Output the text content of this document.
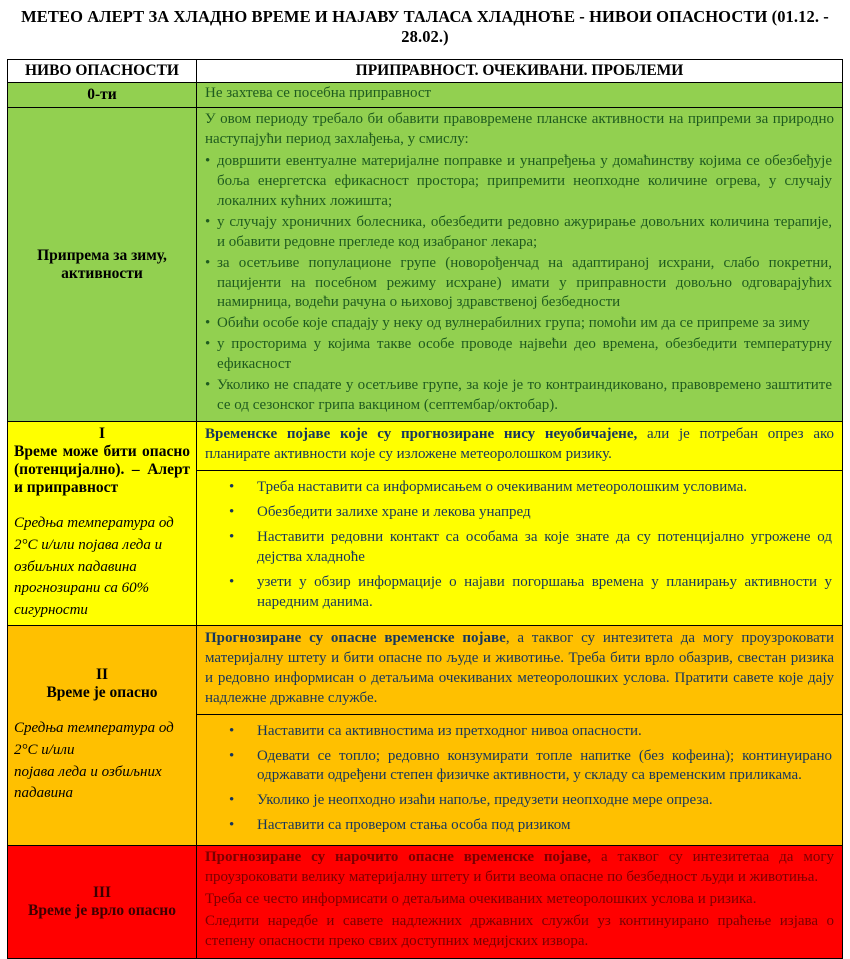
МЕТЕО АЛЕРТ ЗА ХЛАДНО ВРЕМЕ И НАЈАВУ ТАЛАСА ХЛАДНОЋЕ - НИВОИ ОПАСНОСТИ (01.12. - 28.02.)
НИВО ОПАСНОСТИ	ПРИПРАВНОСТ. ОЧЕКИВАНИ. ПРОБЛЕМИ
0-ти	Не захтева се посебна приправност
Припрема за зиму,
активности

У овом периоду требало би обавити правовремене планске активности на припреми за природно наступајући период захлађења, у смислу:

• довршити евентуалне материјалне поправке и унапређења у домаћинству којима се обезбеђује боља енергетска ефикасност простора; припремити неопходне количине огрева, у случају локалних кућних ложишта;
• у случају хроничних болесника, обезбедити редовно ажурирање довољних количина терапије, и обавити редовне прегледе код изабраног лекара;
• за осетљиве популационе групе (новорођенчад на адаптираној исхрани, слабо покретни, пацијенти на посебном режиму исхране) имати у приправности довољно одговарајућих намирница, водећи рачуна о њиховој здравственој безбедности
• Обићи особе које спадају у неку од вулнерабилних група; помоћи им да се припреме за зиму
• у просторима у којима такве особе проводе највећи део времена, обезбедити температурну ефикасност
• Уколико не спадате у осетљиве групе, за које је то контраиндиковано, правовремено заштитите се од сезонског грипа вакцином (септембар/октобар).
I
Време може бити опасно (потенцијално). – Алерт и приправност
Средња температура од 2°C и/или појава леда и озбиљних падавина прогнозирани са 60% сигурности
Временске појаве које су прогнозиране нису неуобичајене, али је потребан опрез ако планирате активности које су изложене метеоролошком ризику.
• Треба наставити са информисањем о очекиваним метеоролошким условима.
• Обезбедити залихе хране и лекова унапред
• Наставити редовни контакт са особама за које знате да су потенцијално угрожене од дејства хладноће
• узети у обзир информације о најави погоршања времена у планирању активности у наредним данима.
II
Време је опасно
Средња температура од 2°C и/или
појава леда и озбиљних падавина
Прогнозиране су опасне временске појаве, а таквог су интезитета да могу проузроковати материјалну штету и бити опасне по људе и животиње. Треба бити врло обазрив, свестан ризика и редовно информисан о детаљима очекиваних метеоролошких услова. Пратити савете које дају надлежне државне службе.
• Наставити са активностима из претходног нивоа опасности.
• Одевати се топло; редовно конзумирати топле напитке (без кофеина); континуирано одржавати одређени степен физичке активности, у складу са временским приликама.
• Уколико је неопходно изаћи напоље, предузети неопходне мере опреза.
• Наставити са провером стања особа под ризиком
III
Време је врло опасно

Прогнозиране су нарочито опасне временске појаве, а таквог су интезитетаа да могу проузроковати велику материјалну штету и бити веома опасне по безбедност људи и животиња.

Треба се често информисати о детаљима очекиваних метеоролошких услова и ризика.

Следити наредбе и савете надлежних државних служби уз континуирано праћење изјава о степену опасности преко свих доступних медијских извора.
